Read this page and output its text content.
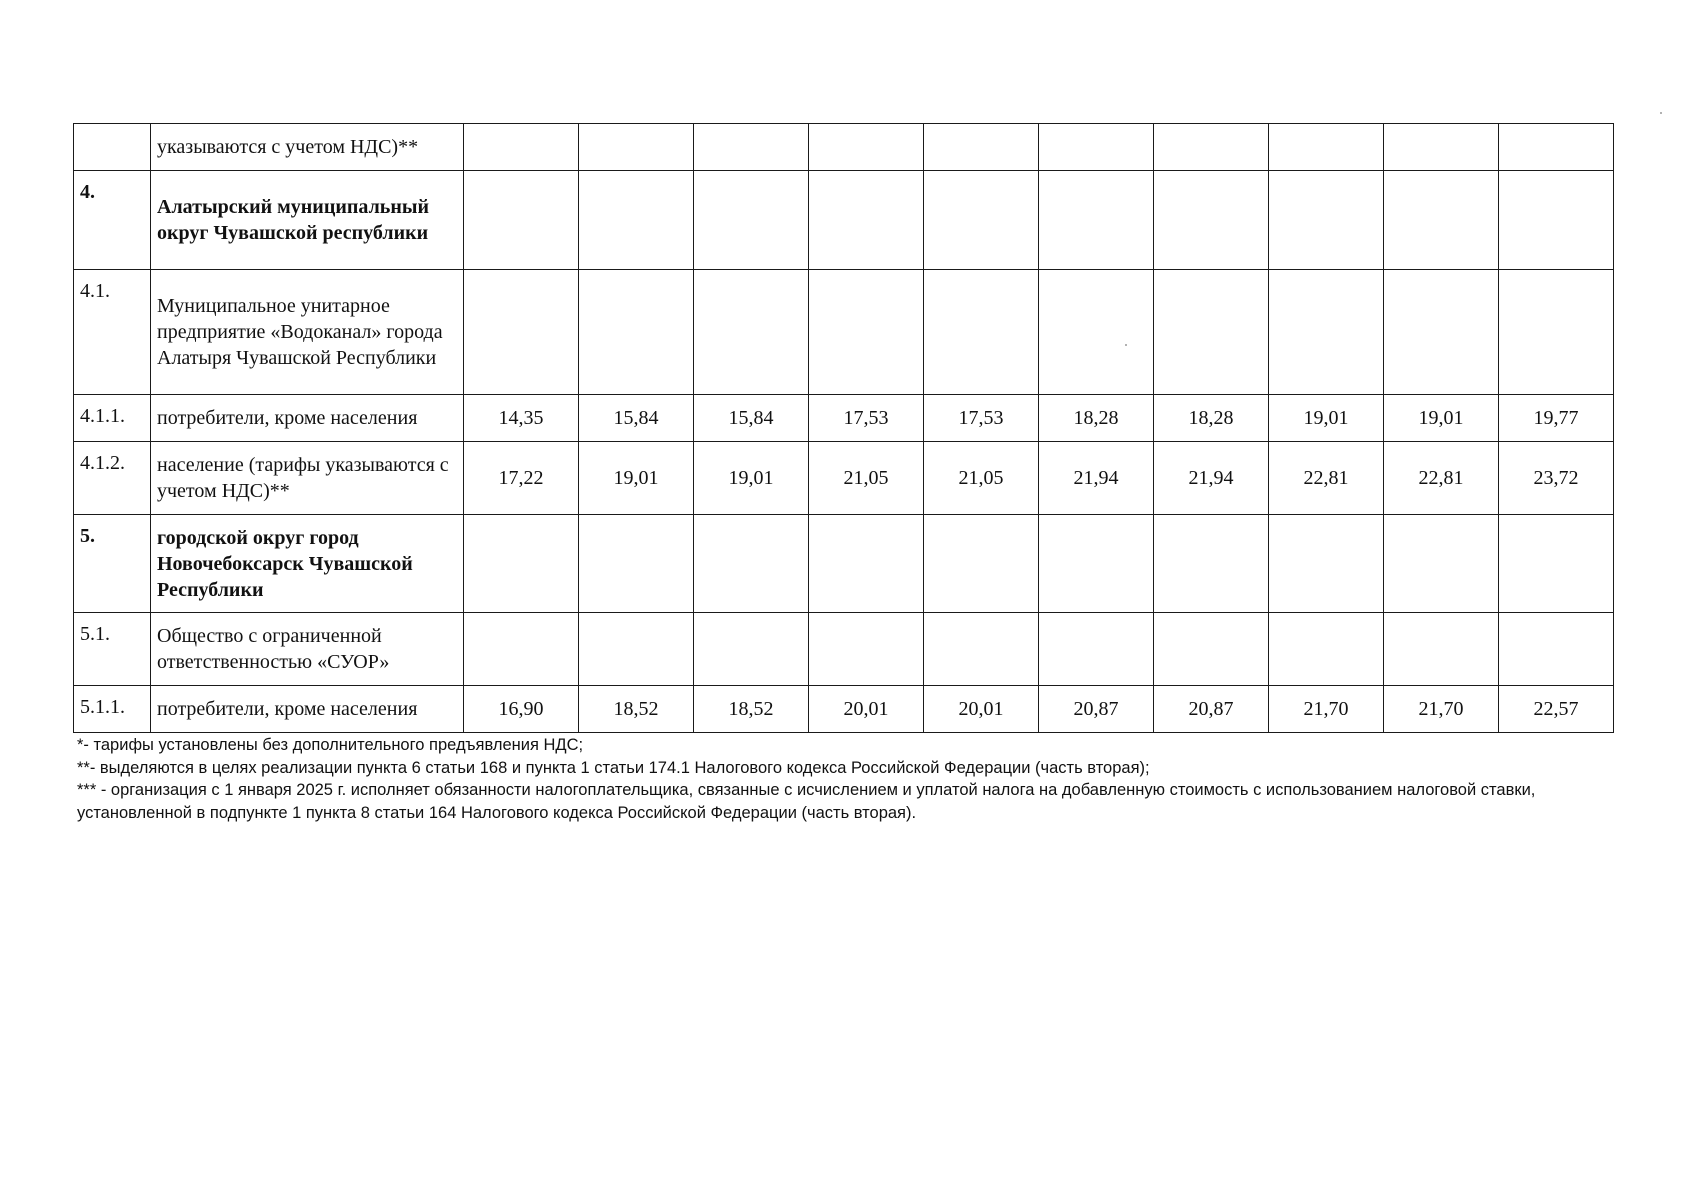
	указываются с учетом НДС)**										
4.	Алатырский муниципальный округ Чувашской республики										
4.1.	Муниципальное унитарное предприятие «Водоканал» города Алатыря Чувашской Республики										
4.1.1.	потребители, кроме населения	14,35	15,84	15,84	17,53	17,53	18,28	18,28	19,01	19,01	19,77
4.1.2.	население (тарифы указываются с учетом НДС)**	17,22	19,01	19,01	21,05	21,05	21,94	21,94	22,81	22,81	23,72
5.	городской округ город Новочебоксарск Чувашской Республики										
5.1.	Общество с ограниченной ответственностью «СУОР»										
5.1.1.	потребители, кроме населения	16,90	18,52	18,52	20,01	20,01	20,87	20,87	21,70	21,70	22,57

*- тарифы установлены без дополнительного предъявления НДС;

**- выделяются в целях реализации пункта 6 статьи 168 и пункта 1 статьи 174.1 Налогового кодекса Российской Федерации (часть вторая);

*** - организация с 1 января 2025 г. исполняет обязанности налогоплательщика, связанные с исчислением и уплатой налога на добавленную стоимость с использованием налоговой ставки, установленной в подпункте 1 пункта 8 статьи 164 Налогового кодекса Российской Федерации (часть вторая).
